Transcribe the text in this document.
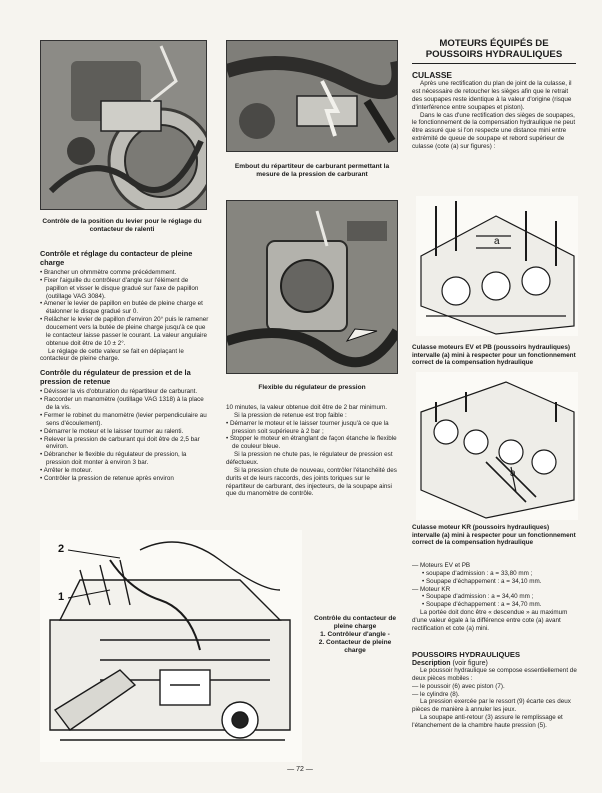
Contrôle de la position du levier pour le réglage du contacteur de ralenti
Contrôle et réglage du contacteur de pleine charge
• Brancher un ohmmètre comme précédemment.
• Fixer l'aiguille du contrôleur d'angle sur l'élément de papillon et visser le disque gradué sur l'axe de papillon (outillage VAG 3084).
• Amener le levier de papillon en butée de pleine charge et étalonner le disque gradué sur 0.
• Relâcher le levier de papillon d'environ 20° puis le ramener doucement vers la butée de pleine charge jusqu'à ce que le contacteur laisse passer le courant. La valeur angulaire obtenue doit être de 10 ± 2°.

Le réglage de cette valeur se fait en déplaçant le contacteur de pleine charge.

Contrôle du régulateur de pression et de la pression de retenue
• Dévisser la vis d'obturation du répartiteur de carburant.
• Raccorder un manomètre (outillage VAG 1318) à la place de la vis.
• Fermer le robinet du manomètre (levier perpendiculaire au sens d'écoulement).
• Démarrer le moteur et le laisser tourner au ralenti.
• Relever la pression de carburant qui doit être de 2,5 bar environ.
• Débrancher le flexible du régulateur de pression, la pression doit monter à environ 3 bar.
• Arrêter le moteur.
• Contrôler la pression de retenue après environ
Embout du répartiteur de carburant permettant la mesure de la pression de carburant
Flexible du régulateur de pression

10 minutes, la valeur obtenue doit être de 2 bar minimum.

Si la pression de retenue est trop faible :

• Démarrer le moteur et le laisser tourner jusqu'à ce que la pression soit supérieure à 2 bar ;
• Stopper le moteur en étranglant de façon étanche le flexible de couleur bleue.

Si la pression ne chute pas, le régulateur de pression est défectueux.

Si la pression chute de nouveau, contrôler l'étanchéité des durits et de leurs raccords, des joints toriques sur le répartiteur de carburant, des injecteurs, de la soupape ainsi que du manomètre de contrôle.

2
1
Contrôle du contacteur de pleine charge
1. Contrôleur d'angle -
2. Contacteur de pleine charge
MOTEURS ÉQUIPÉS DE POUSSOIRS HYDRAULIQUES
CULASSE

Après une rectification du plan de joint de la culasse, il est nécessaire de retoucher les sièges afin que le retrait des soupapes reste identique à la valeur d'origine (risque d'interférence entre soupapes et piston).

Dans le cas d'une rectification des sièges de soupapes, le fonctionnement de la compensation hydraulique ne peut être assuré que si l'on respecte une distance mini entre extrémité de queue de soupape et rebord supérieur de culasse (cote (a) sur figures) :

a
Culasse moteurs EV et PB (poussoirs hydrauliques) intervalle (a) mini à respecter pour un fonctionnement correct de la compensation hydraulique
a
Culasse moteur KR (poussoirs hydrauliques) intervalle (a) mini à respecter pour un fonctionnement correct de la compensation hydraulique
— Moteurs EV et PB
• soupape d'admission : a = 33,80 mm ;
• Soupape d'échappement : a = 34,10 mm.
— Moteur KR
• Soupape d'admission : a = 34,40 mm ;
• Soupape d'échappement : a = 34,70 mm.

La portée doit donc être « descendue » au maximum d'une valeur égale à la différence entre cote (a) avant rectification et cote (a) mini.

POUSSOIRS HYDRAULIQUES
Description (voir figure)

Le poussoir hydraulique se compose essentiellement de deux pièces mobiles :

— le poussoir (6) avec piston (7).
— le cylindre (8).

La pression exercée par le ressort (9) écarte ces deux pièces de manière à annuler les jeux.

La soupape anti-retour (3) assure le remplissage et l'étanchement de la chambre haute pression (5).

— 72 —
